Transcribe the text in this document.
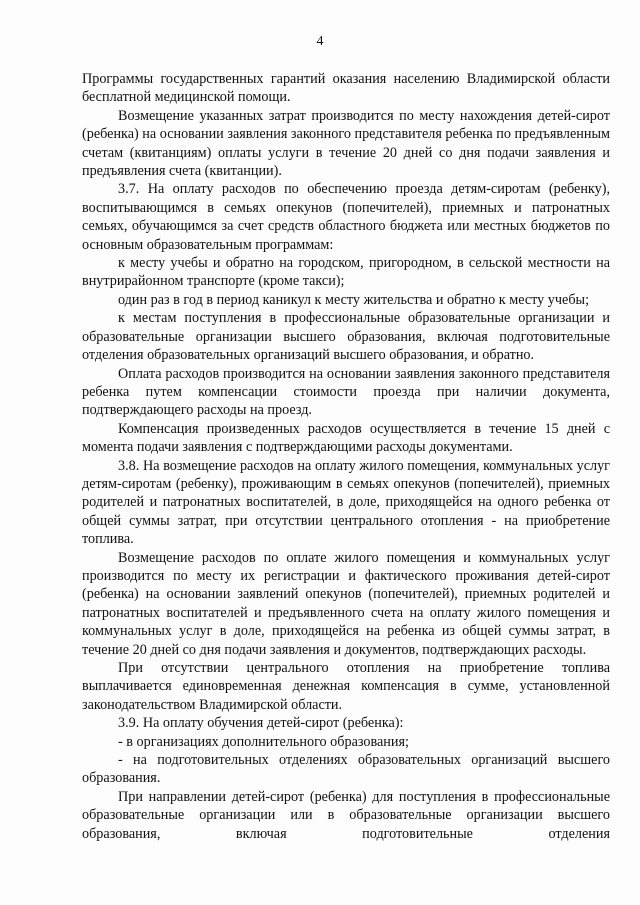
4

Программы государственных гарантий оказания населению Владимирской области бесплатной медицинской помощи.

Возмещение указанных затрат производится по месту нахождения детей-сирот (ребенка) на основании заявления законного представителя ребенка по предъявленным счетам (квитанциям) оплаты услуги в течение 20 дней со дня подачи заявления и предъявления счета (квитанции).

3.7. На оплату расходов по обеспечению проезда детям-сиротам (ребенку), воспитывающимся в семьях опекунов (попечителей), приемных и патронатных семьях, обучающимся за счет средств областного бюджета или местных бюджетов по основным образовательным программам:

к месту учебы и обратно на городском, пригородном, в сельской местности на внутрирайонном транспорте (кроме такси);

один раз в год в период каникул к месту жительства и обратно к месту учебы;

к местам поступления в профессиональные образовательные организации и образовательные организации высшего образования, включая подготовительные отделения образовательных организаций высшего образования, и обратно.

Оплата расходов производится на основании заявления законного представителя ребенка путем компенсации стоимости проезда при наличии документа, подтверждающего расходы на проезд.

Компенсация произведенных расходов осуществляется в течение 15 дней с момента подачи заявления с подтверждающими расходы документами.

3.8. На возмещение расходов на оплату жилого помещения, коммунальных услуг детям-сиротам (ребенку), проживающим в семьях опекунов (попечителей), приемных родителей и патронатных воспитателей, в доле, приходящейся на одного ребенка от общей суммы затрат, при отсутствии центрального отопления - на приобретение топлива.

Возмещение расходов по оплате жилого помещения и коммунальных услуг производится по месту их регистрации и фактического проживания детей-сирот (ребенка) на основании заявлений опекунов (попечителей), приемных родителей и патронатных воспитателей и предъявленного счета на оплату жилого помещения и коммунальных услуг в доле, приходящейся на ребенка из общей суммы затрат, в течение 20 дней со дня подачи заявления и документов, подтверждающих расходы.

При отсутствии центрального отопления на приобретение топлива выплачивается единовременная денежная компенсация в сумме, установленной законодательством Владимирской области.

3.9. На оплату обучения детей-сирот (ребенка):

- в организациях дополнительного образования;

- на подготовительных отделениях образовательных организаций высшего образования.

При направлении детей-сирот (ребенка) для поступления в профессиональные образовательные организации или в образовательные организации высшего образования, включая подготовительные отделения
